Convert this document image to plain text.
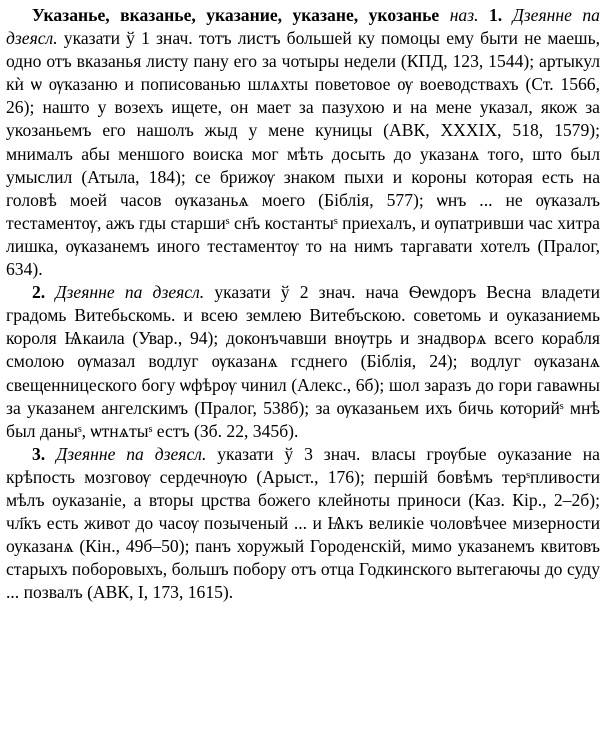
Указанье, вказанье, указание, указане, укозанье наз. 1. Дзеянне па дзеясл. указати ў 1 знач. тотъ листъ большей ку помоцы ему быти не маешь, одно отъ вказанья листу пану его за чотыры недели (КПД, 123, 1544); артыкул кѝ ѡ ѹказаню и пописованью шлѧхты поветовое ѹ воеводствахъ (Ст. 1566, 26); нашто у возехъ ищете, он мает за пазухою и на мене указал, якож за укозаньемъ его нашолъ жыд у мене куницы (АВК, XXXIX, 518, 1579); мнималъ абы меншого воиска мог мѣть досыть до указанѧ того, што был умыслил (Атыла, 184); се брижѹ знаком пыхи и короны которая есть на головѣ моей часов ѹказаньѧ моего (Біблія, 577); ѡнъ ... не ѹказалъ тестаментѹ, ажъ гды старшиˢ сн҃ъ костантыˢ приехалъ, и ѹпатривши час хитра лишка, ѹказанемъ иного тестаментѹ то на нимъ таргавати хотелъ (Пралог, 634).

2. Дзеянне па дзеясл. указати ў 2 знач. нача Ѳеѡдоръ Весна владети градомь Витебьскомь. и всею землею Витебъскою. советомь и оуказаниемь короля Ѩкаила (Увар., 94); доконъчавши внѹтрь и знадворѧ всего корабля смолою ѹмазал водлуг ѹказанѧ гсднего (Біблія, 24); водлуг ѹказанѧ свещенницеского богу ѡфѣрѹ чинил (Алекс., 6б); шол заразъ до гори гаваѡны за указанем ангелскимъ (Пралог, 538б); за ѹказаньем ихъ бичь которийˢ мнѣ был даныˢ, ѡтнѧтыˢ естъ (Зб. 22, 345б).

3. Дзеянне па дзеясл. указати ў 3 знач. власы грѹбые оуказание на крѣпость мозговѹ сердечнѹю (Арыст., 176); першій бовѣмъ терˢпливости мѣлъ оуказаніе, а вторы црства божего клейноты приноси (Каз. Кір., 2–2б); чл҃къ есть живот до часѹ позыченый ... и Ѩкъ великіе чоловѣчее мизерности оуказанѧ (Кін., 49б–50); панъ хоружый Городенскій, мимо указанемъ квитовъ старыхъ поборовыхъ, большъ побору отъ отца Годкинского вытегаючы до суду ... позвалъ (АВК, I, 173, 1615).
